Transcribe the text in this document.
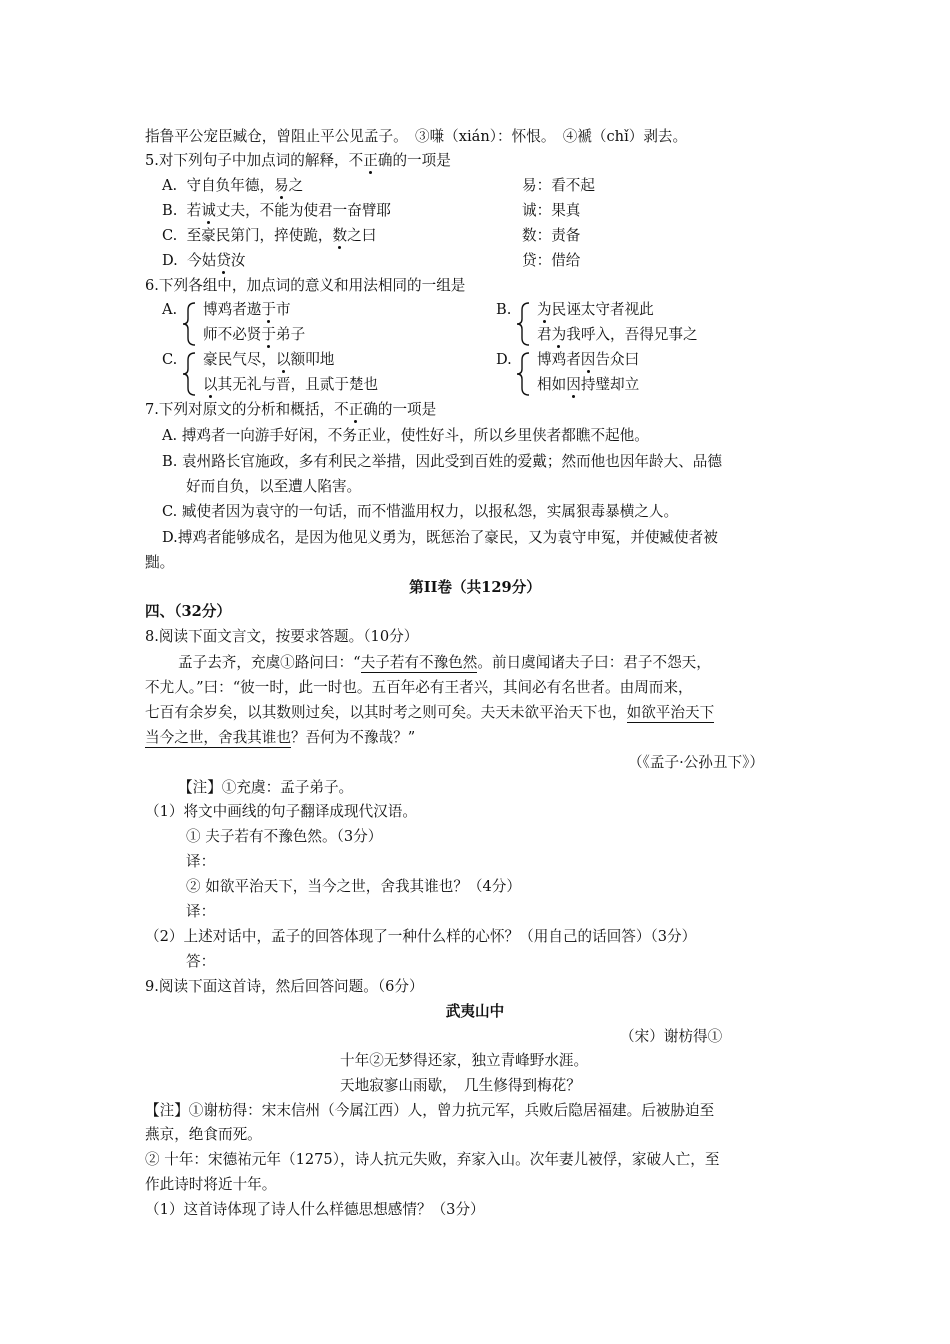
指鲁平公宠臣臧仓，曾阻止平公见孟子。　③嗛（xián）：怀恨。　④褫（chǐ）剥去。
5.对下列句子中加点词的解释，不正确的一项是
A. 守自负年德，易之	易：看不起
B. 若诚丈夫，不能为使君一奋臂耶	诚：果真
C. 至豪民第门，捽使跪，数之曰	数：责备
D. 今姑贷汝	贷：借给
6.下列各组中，加点词的意义和用法相同的一组是
A. 博鸡者遨于市
师不必贤于弟子
B. 为民诬太守者视此
君为我呼入，吾得兄事之
C. 豪民气尽，以额叩地
以其无礼与晋，且贰于楚也
D. 博鸡者因告众曰
相如因持璧却立
7.下列对原文的分析和概括，不正确的一项是
A. 搏鸡者一向游手好闲，不务正业，使性好斗，所以乡里侠者都瞧不起他。
B. 袁州路长官施政，多有利民之举措，因此受到百姓的爱戴；然而他也因年龄大、品德
好而自负，以至遭人陷害。
C. 臧使者因为袁守的一句话，而不惜滥用权力，以报私怨，实属狠毒暴横之人。
D.搏鸡者能够成名，是因为他见义勇为，既惩治了豪民，又为袁守申冤，并使臧使者被
黜。
第II卷（共129分）
四、（32分）
8.阅读下面文言文，按要求答题。（10分）
孟子去齐，充虞①路问曰：“夫子若有不豫色然。前日虞闻诸夫子曰：君子不怨天，
不尤人。”曰：“彼一时，此一时也。五百年必有王者兴，其间必有名世者。由周而来，
七百有余岁矣，以其数则过矣，以其时考之则可矣。夫天未欲平治天下也，如欲平治天下
当今之世，舍我其谁也？吾何为不豫哉？”
（《孟子·公孙丑下》）
【注】①充虞：孟子弟子。
（1）将文中画线的句子翻译成现代汉语。
① 夫子若有不豫色然。（3分）
译：
② 如欲平治天下，当今之世，舍我其谁也？（4分）
译：
（2）上述对话中，孟子的回答体现了一种什么样的心怀？（用自己的话回答）（3分）
答：
9.阅读下面这首诗，然后回答问题。（6分）
武夷山中
（宋）谢枋得①
十年②无梦得还家，独立青峰野水涯。
天地寂寥山雨歇，　几生修得到梅花？
【注】①谢枋得：宋末信州（今属江西）人，曾力抗元军，兵败后隐居福建。后被胁迫至
燕京，绝食而死。
② 十年：宋德祐元年（1275），诗人抗元失败，弃家入山。次年妻儿被俘，家破人亡，至
作此诗时将近十年。
（1）这首诗体现了诗人什么样德思想感情？（3分）
